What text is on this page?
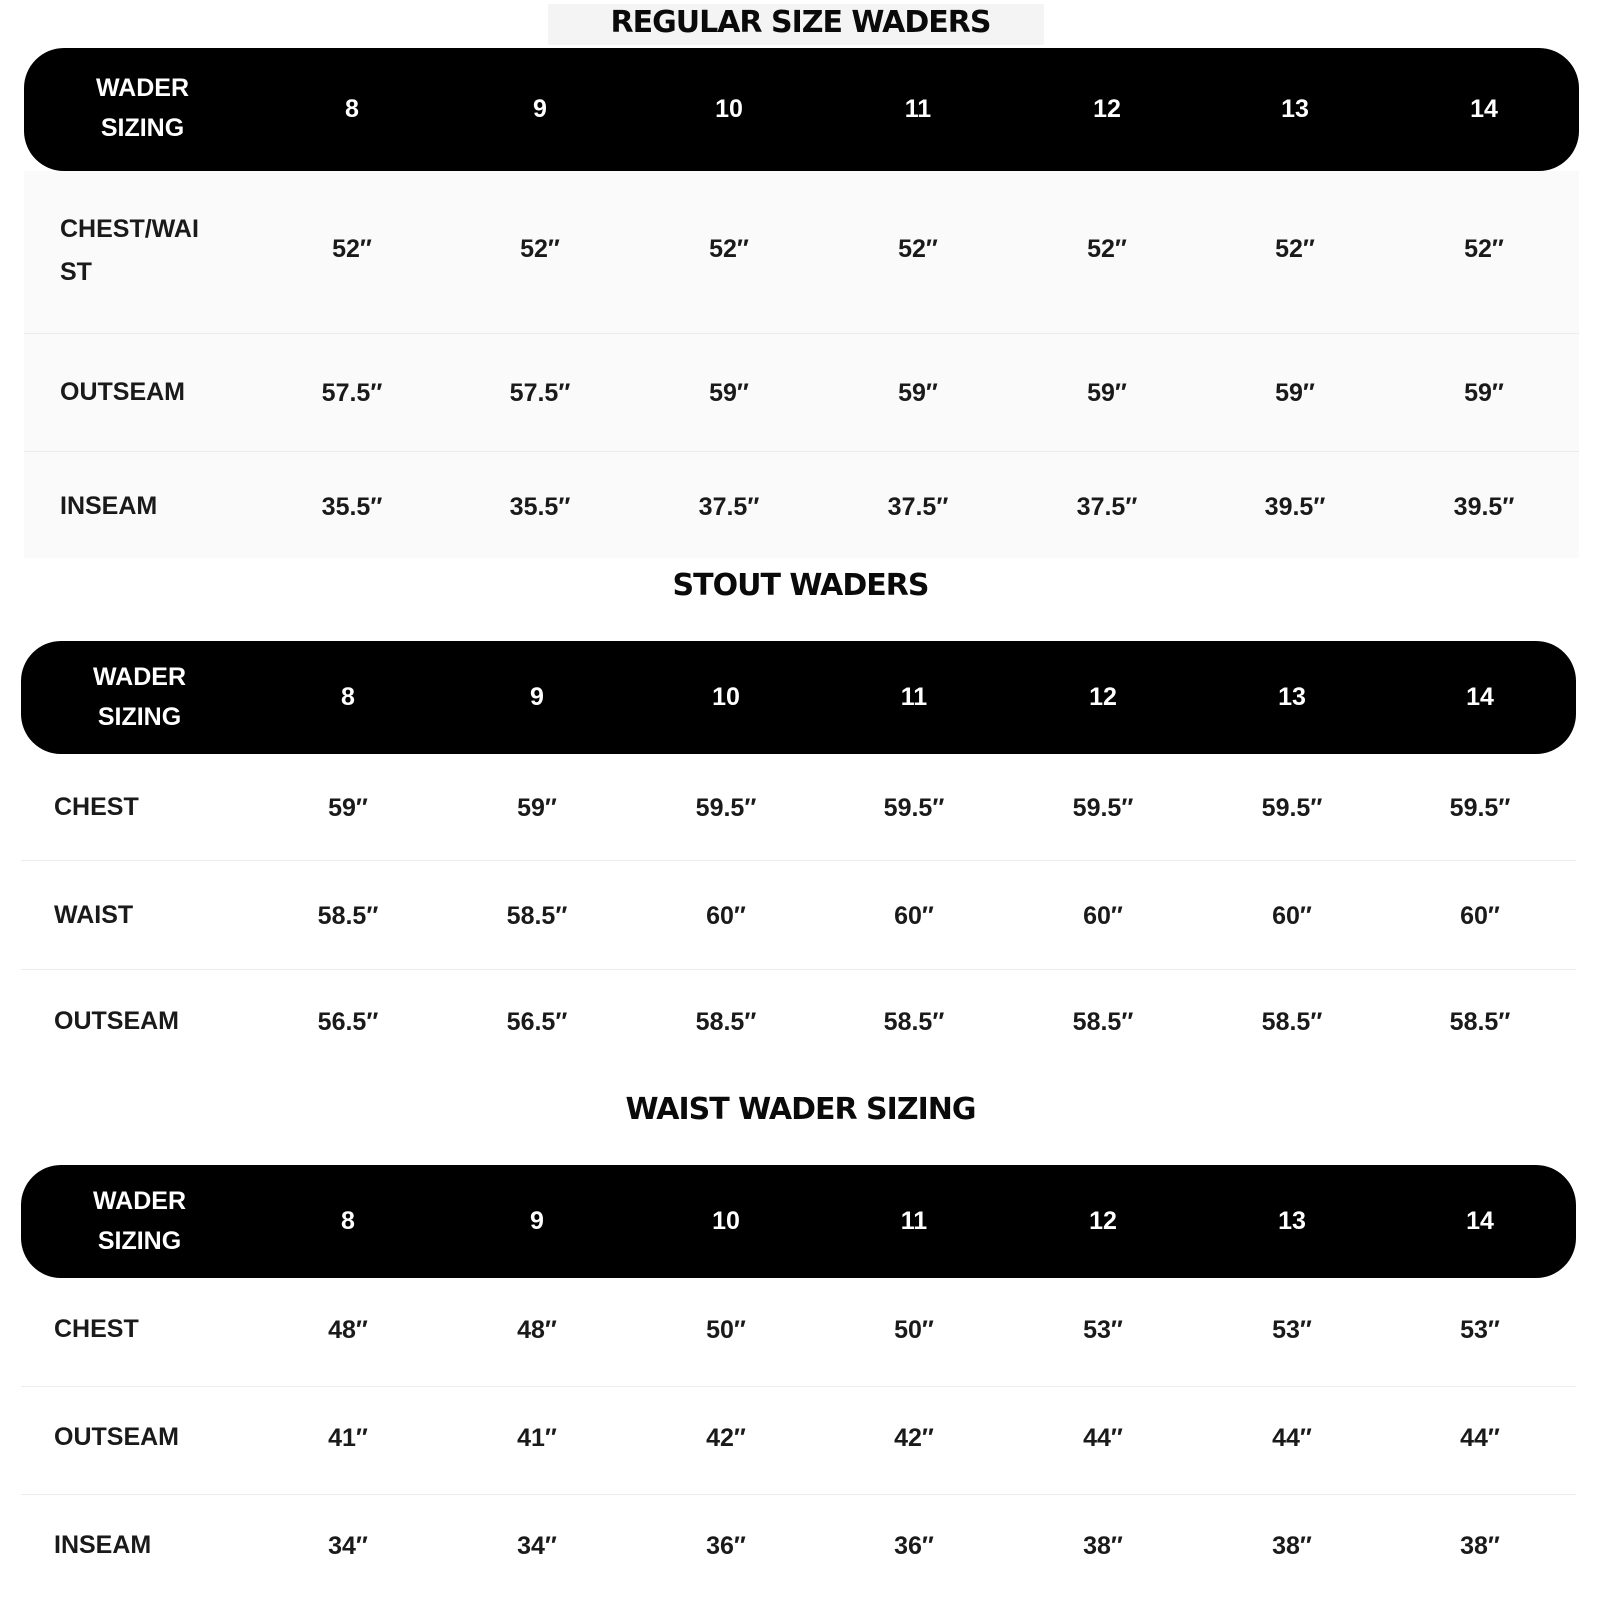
REGULAR SIZE WADERS
WADER
SIZING
8	9	10	11	12	13	14
CHEST/WAI
ST
52″	52″	52″	52″	52″	52″	52″
OUTSEAM	57.5″	57.5″	59″	59″	59″	59″	59″
INSEAM	35.5″	35.5″	37.5″	37.5″	37.5″	39.5″	39.5″
STOUT WADERS
WADER
SIZING
8	9	10	11	12	13	14
CHEST	59″	59″	59.5″	59.5″	59.5″	59.5″	59.5″
WAIST	58.5″	58.5″	60″	60″	60″	60″	60″
OUTSEAM	56.5″	56.5″	58.5″	58.5″	58.5″	58.5″	58.5″
WAIST WADER SIZING
WADER
SIZING
8	9	10	11	12	13	14
CHEST	48″	48″	50″	50″	53″	53″	53″
OUTSEAM	41″	41″	42″	42″	44″	44″	44″
INSEAM	34″	34″	36″	36″	38″	38″	38″
